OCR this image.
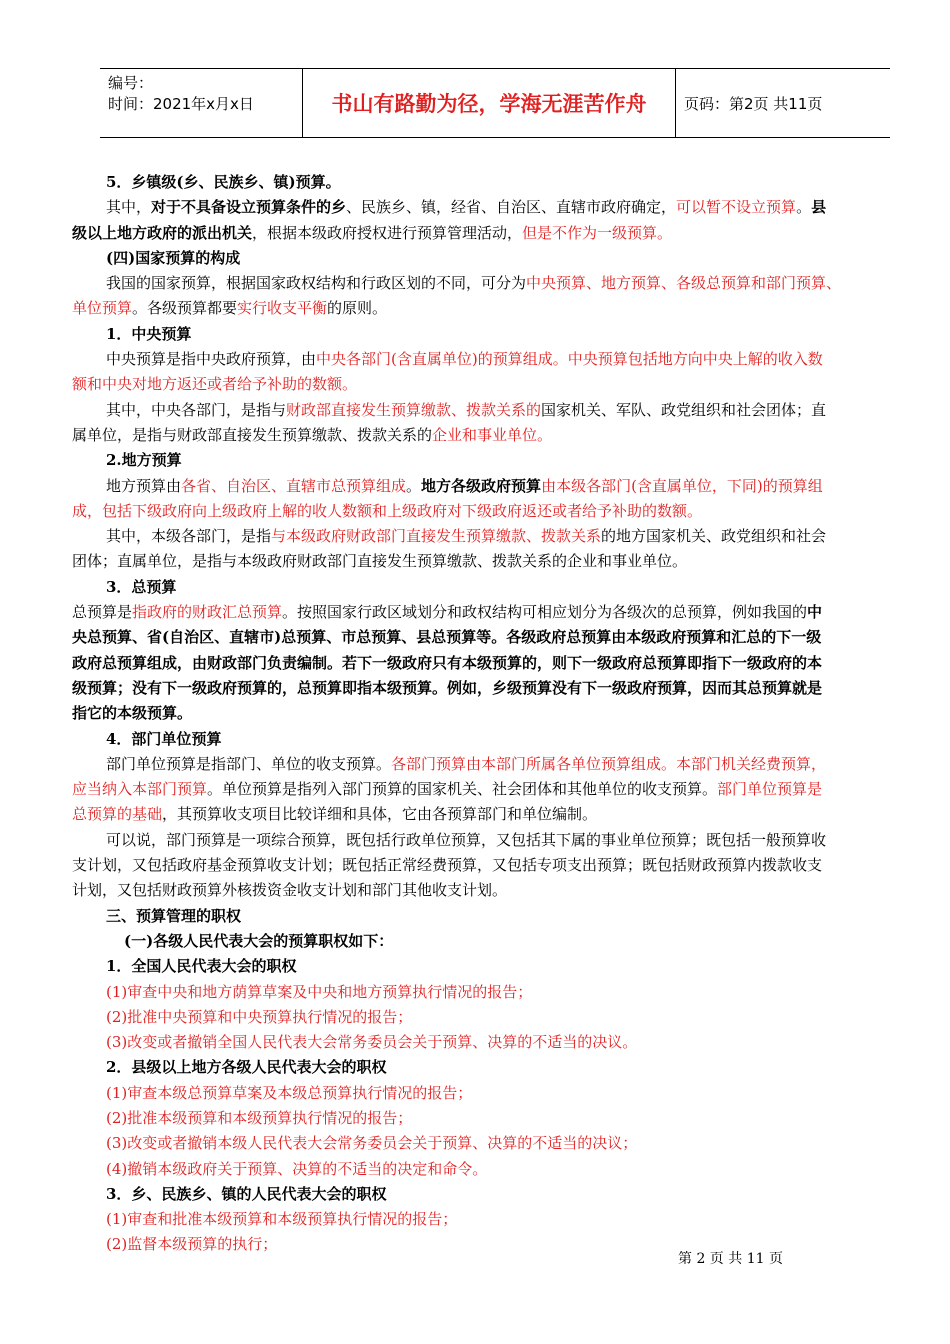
编号：
时间：2021年x月x日	书山有路勤为径，学海无涯苦作舟	页码：第2页 共11页
5．乡镇级(乡、民族乡、镇)预算。
其中，对于不具备设立预算条件的乡、民族乡、镇，经省、自治区、直辖市政府确定，可以暂不设立预算。县
级以上地方政府的派出机关，根据本级政府授权进行预算管理活动，但是不作为一级预算。
(四)国家预算的构成
我国的国家预算，根据国家政权结构和行政区划的不同，可分为中央预算、地方预算、各级总预算和部门预算、
单位预算。各级预算都要实行收支平衡的原则。
1．中央预算
中央预算是指中央政府预算，由中央各部门(含直属单位)的预算组成。中央预算包括地方向中央上解的收入数
额和中央对地方返还或者给予补助的数额。
其中，中央各部门，是指与财政部直接发生预算缴款、拨款关系的国家机关、军队、政党组织和社会团体；直
属单位，是指与财政部直接发生预算缴款、拨款关系的企业和事业单位。
2.地方预算
地方预算由各省、自治区、直辖市总预算组成。地方各级政府预算由本级各部门(含直属单位，下同)的预算组
成，包括下级政府向上级政府上解的收人数额和上级政府对下级政府返还或者给予补助的数额。
其中，本级各部门，是指与本级政府财政部门直接发生预算缴款、拨款关系的地方国家机关、政党组织和社会
团体；直属单位，是指与本级政府财政部门直接发生预算缴款、拨款关系的企业和事业单位。
3．总预算
总预算是指政府的财政汇总预算。按照国家行政区域划分和政权结构可相应划分为各级次的总预算，例如我国的中
央总预算、省(自治区、直辖市)总预算、市总预算、县总预算等。各级政府总预算由本级政府预算和汇总的下一级
政府总预算组成，由财政部门负责编制。若下一级政府只有本级预算的，则下一级政府总预算即指下一级政府的本
级预算；没有下一级政府预算的，总预算即指本级预算。例如，乡级预算没有下一级政府预算，因而其总预算就是
指它的本级预算。
4．部门单位预算
部门单位预算是指部门、单位的收支预算。各部门预算由本部门所属各单位预算组成。本部门机关经费预算，
应当纳入本部门预算。单位预算是指列入部门预算的国家机关、社会团体和其他单位的收支预算。部门单位预算是
总预算的基础，其预算收支项目比较详细和具体，它由各预算部门和单位编制。
可以说，部门预算是一项综合预算，既包括行政单位预算，又包括其下属的事业单位预算；既包括一般预算收
支计划，又包括政府基金预算收支计划；既包括正常经费预算，又包括专项支出预算；既包括财政预算内拨款收支
计划，又包括财政预算外核拨资金收支计划和部门其他收支计划。
三、预算管理的职权
(一)各级人民代表大会的预算职权如下：
1．全国人民代表大会的职权
(1)审查中央和地方荫算草案及中央和地方预算执行情况的报告；
(2)批准中央预算和中央预算执行情况的报告；
(3)改变或者撤销全国人民代表大会常务委员会关于预算、决算的不适当的决议。
2．县级以上地方各级人民代表大会的职权
(1)审查本级总预算草案及本级总预算执行情况的报告；
(2)批准本级预算和本级预算执行情况的报告；
(3)改变或者撤销本级人民代表大会常务委员会关于预算、决算的不适当的决议；
(4)撤销本级政府关于预算、决算的不适当的决定和命令。
3．乡、民族乡、镇的人民代表大会的职权
(1)审查和批准本级预算和本级预算执行情况的报告；
(2)监督本级预算的执行；
第 2 页 共 11 页
